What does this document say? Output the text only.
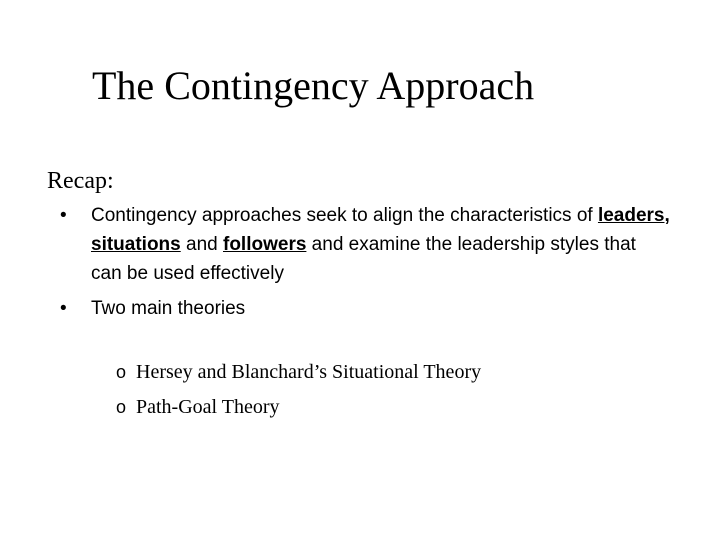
The Contingency Approach

Recap:

• Contingency approaches seek to align the characteristics of leaders, situations and followers and examine the leadership styles that can be used effectively
• Two main theories
o Hersey and Blanchard’s Situational Theory
o Path-Goal Theory
